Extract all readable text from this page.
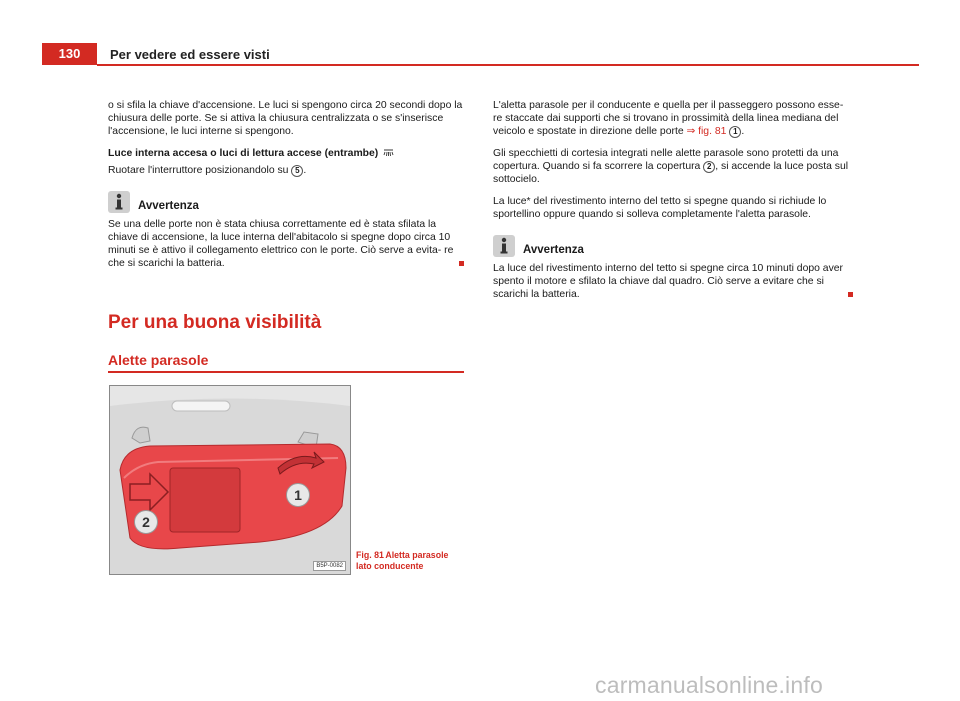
130	Per vedere ed essere visti

o si sfila la chiave d'accensione. Le luci si spengono circa 20 secondi dopo la chiusura delle porte. Se si attiva la chiusura centralizzata o se s'inserisce l'accensione, le luci interne si spengono.

Luce interna accesa o luci di lettura accese (entrambe)

Ruotare l'interruttore posizionandolo su 5 .

Avvertenza

Se una delle porte non è stata chiusa correttamente ed è stata sfilata la chiave di accensione, la luce interna dell'abitacolo si spegne dopo circa 10 minuti se è attivo il collegamento elettrico con le porte. Ciò serve a evita- re che si scarichi la batteria.

Per una buona visibilità
Alette parasole
1
2
B5P-0082
Fig. 81 Aletta parasole lato conducente

L'aletta parasole per il conducente e quella per il passeggero possono esse- re staccate dai supporti che si trovano in prossimità della linea mediana del veicolo e spostate in direzione delle porte ⇒ fig. 81 1 .

Gli specchietti di cortesia integrati nelle alette parasole sono protetti da una copertura. Quando si fa scorrere la copertura 2 , si accende la luce posta sul sottocielo.

La luce* del rivestimento interno del tetto si spegne quando si richiude lo sportellino oppure quando si solleva completamente l'aletta parasole.

Avvertenza

La luce del rivestimento interno del tetto si spegne circa 10 minuti dopo aver spento il motore e sfilato la chiave dal quadro. Ciò serve a evitare che si scarichi la batteria.

carmanualsonline.info
